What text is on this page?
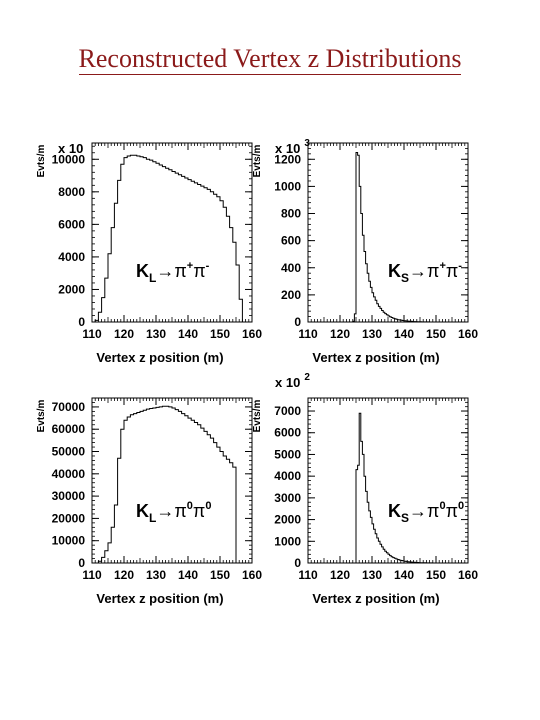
Reconstructed Vertex z Distributions
110 120 130 140 150 160
0
2000
4000
6000
8000
10000
Vertex z position (m)
Evts/m x 10
$K_L\to\pi^+\pi^-$
110 120 130 140 150 160
0
200
400
600
800
1000
1200
Vertex z position (m)
Evts/m x 10 $^3$
$K_S\to\pi^+\pi^-$
110 120 130 140 150 160
0
10000
20000
30000
40000
50000
60000
70000
Vertex z position (m)
Evts/m
$K_L\to\pi^0\pi^0$
110 120 130 140 150 160
0
1000
2000
3000
4000
5000
6000
7000
Vertex z position (m)
Evts/m
x 10 $^2$
$K_S\to\pi^0\pi^0$
